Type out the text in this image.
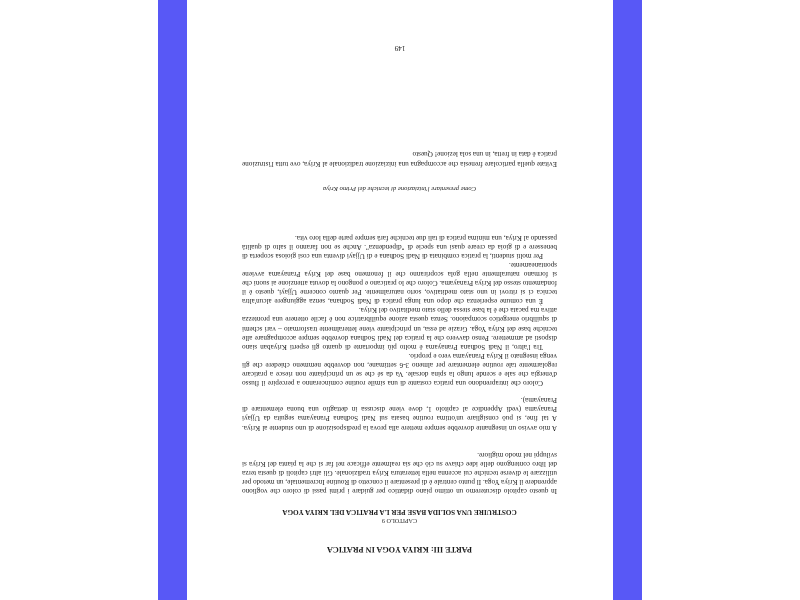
PARTE III: KRIYA YOGA IN PRATICA

CAPITOLO 9

COSTRUIRE UNA SOLIDA BASE PER LA PRATICA DEL KRIYA YOGA

In questo capitolo discuteremo un ottimo piano didattico per guidare i primi passi di coloro che vogliono apprendere il Kriya Yoga. Il punto centrale è di presentare il concetto di Routine Incrementale, un metodo per utilizzare le diverse tecniche cui accenna nella letteratura Kriya tradizionale. Gli altri capitoli di questa terza del libro contengono delle idee chiave su ciò che sia realmente efficace nel far sì che la pianta del Kriya si sviluppi nel modo migliore.

A mio avviso un insegnante dovrebbe sempre mettere alla prova la predisposizione di uno studente al Kriya. A tal fine, si può consigliare un'ottima routine basata sul Nadi Sodhana Pranayama seguita da Ujjayi Pranayama (vedi Appendice al capitolo 1, dove viene discussa in dettaglio una buona elementare di Pranayama).

Coloro che intraprendono una pratica costante di una simile routine cominceranno a percepire il flusso d'energia che sale e scende lungo la spina dorsale. Va da sé che se un principiante non riesce a praticare regolarmente tale routine elementare per almeno 3-6 settimane, non dovrebbe nemmeno chiedere che gli venga insegnato il Kriya Pranayama vero e proprio.

Tra l'altro, il Nadi Sodhana Pranayama è molto più importante di quanto gli esperti Kriyaban siano disposti ad ammettere. Penso davvero che la pratica del Nadi Sodhana dovrebbe sempre accompagnare alle tecniche base del Kriya Yoga. Grazie ad essa, un principiante viene letteralmente trasformato – vari schemi di squilibrio energetico scompaiono. Senza questa azione equilibratrice non è facile ottenere una prontezza attiva ma pacata che è la base stessa dello stato meditativo del Kriya.

È una comune esperienza che dopo una lunga pratica di Nadi Sodhana, senza aggiungere alcun'altra tecnica ci si ritrovi in uno stato meditativo, sorto naturalmente. Per quanto concerne Ujjayi, questo è il fondamento stesso del Kriya Pranayama. Coloro che lo praticano e pongono la dovuta attenzione ai suoni che si formano naturalmente nella gola scopriranno che il fenomeno base del Kriya Pranayama avviene spontaneamente.

Per molti studenti, la pratica combinata di Nadi Sodhana e di Ujjayi diventa una così gioiosa scoperta di benessere e di gioia da creare quasi una specie di "dipendenza". Anche se non faranno il salto di qualità passando al Kriya, una minima pratica di tali due tecniche farà sempre parte della loro vita.

Come presentare l'iniziazione di tecniche del Primo Kriya

Evitate quella particolare frenesia che accompagna una iniziazione tradizionale al Kriya, ove tutta l'istruzione pratica è data in fretta, in una sola lezione! Questo

149
